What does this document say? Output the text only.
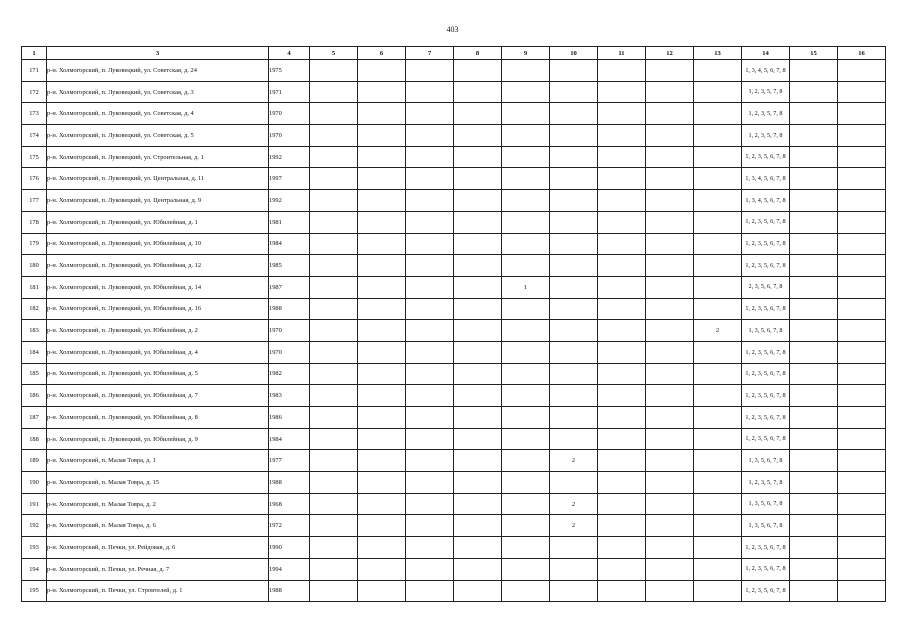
403
1	3	4	5	6	7	8	9	10	11	12	13	14	15	16
171	р-н. Холмогорский, п. Луковецкий, ул. Советская, д. 24	1975										1, 3, 4, 5, 6, 7, 8		
172	р-н. Холмогорский, п. Луковецкий, ул. Советская, д. 3	1971										1, 2, 3, 5, 7, 8		
173	р-н. Холмогорский, п. Луковецкий, ул. Советская, д. 4	1970										1, 2, 3, 5, 7, 8		
174	р-н. Холмогорский, п. Луковецкий, ул. Советская, д. 5	1970										1, 2, 3, 5, 7, 8		
175	р-н. Холмогорский, п. Луковецкий, ул. Строительная, д. 1	1992										1, 2, 3, 5, 6, 7, 8		
176	р-н. Холмогорский, п. Луковецкий, ул. Центральная, д. 11	1997										1, 3, 4, 5, 6, 7, 8		
177	р-н. Холмогорский, п. Луковецкий, ул. Центральная, д. 9	1992										1, 3, 4, 5, 6, 7, 8		
178	р-н. Холмогорский, п. Луковецкий, ул. Юбилейная, д. 1	1981										1, 2, 3, 5, 6, 7, 8		
179	р-н. Холмогорский, п. Луковецкий, ул. Юбилейная, д. 10	1984										1, 2, 3, 5, 6, 7, 8		
180	р-н. Холмогорский, п. Луковецкий, ул. Юбилейная, д. 12	1985										1, 2, 3, 5, 6, 7, 8		
181	р-н. Холмогорский, п. Луковецкий, ул. Юбилейная, д. 14	1987					1					2, 3, 5, 6, 7, 8		
182	р-н. Холмогорский, п. Луковецкий, ул. Юбилейная, д. 16	1988										1, 2, 3, 5, 6, 7, 8		
183	р-н. Холмогорский, п. Луковецкий, ул. Юбилейная, д. 2	1970									2	1, 3, 5, 6, 7, 8		
184	р-н. Холмогорский, п. Луковецкий, ул. Юбилейная, д. 4	1970										1, 2, 3, 5, 6, 7, 8		
185	р-н. Холмогорский, п. Луковецкий, ул. Юбилейная, д. 5	1982										1, 2, 3, 5, 6, 7, 8		
186	р-н. Холмогорский, п. Луковецкий, ул. Юбилейная, д. 7	1983										1, 2, 3, 5, 6, 7, 8		
187	р-н. Холмогорский, п. Луковецкий, ул. Юбилейная, д. 8	1986										1, 2, 3, 5, 6, 7, 8		
188	р-н. Холмогорский, п. Луковецкий, ул. Юбилейная, д. 9	1984										1, 2, 3, 5, 6, 7, 8		
189	р-н. Холмогорский, п. Малая Товра, д. 1	1977						2				1, 3, 5, 6, 7, 8		
190	р-н. Холмогорский, п. Малая Товра, д. 15	1988										1, 2, 3, 5, 7, 8		
191	р-н. Холмогорский, п. Малая Товра, д. 2	1968						2				1, 3, 5, 6, 7, 8		
192	р-н. Холмогорский, п. Малая Товра, д. 6	1972						2				1, 3, 5, 6, 7, 8		
193	р-н. Холмогорский, п. Печки, ул. Рейдовая, д. 6	1990										1, 2, 3, 5, 6, 7, 8		
194	р-н. Холмогорский, п. Печки, ул. Речная, д. 7	1994										1, 2, 3, 5, 6, 7, 8		
195	р-н. Холмогорский, п. Печки, ул. Строителей, д. 1	1988										1, 2, 3, 5, 6, 7, 8		
